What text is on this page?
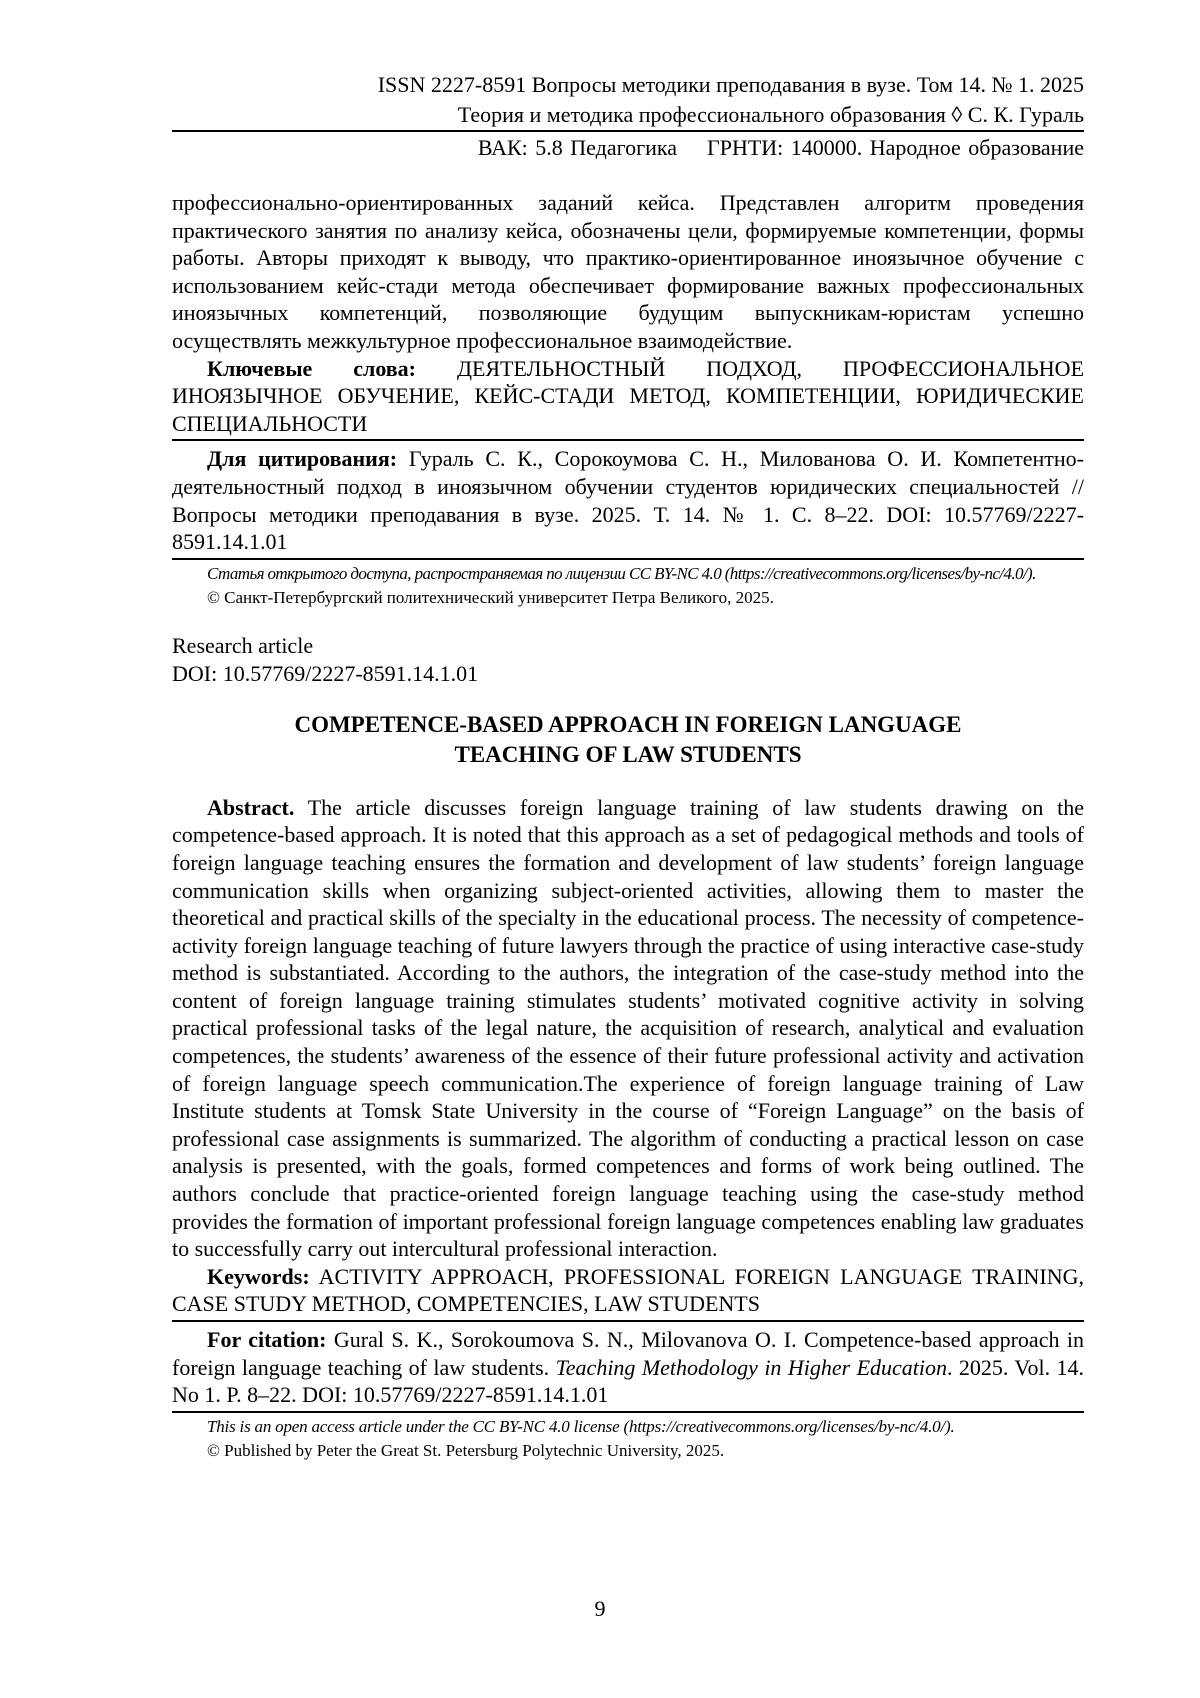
ISSN 2227-8591 Вопросы методики преподавания в вузе. Том 14. № 1. 2025
Теория и методика профессионального образования ◊ С. К. Гураль
ВАК: 5.8 Педагогика    ГРНТИ: 140000. Народное образование

профессионально-ориентированных заданий кейса. Представлен алгоритм проведения практического занятия по анализу кейса, обозначены цели, формируемые компетенции, формы работы. Авторы приходят к выводу, что практико-ориентированное иноязычное обучение с использованием кейс-стади метода обеспечивает формирование важных профессиональных иноязычных компетенций, позволяющие будущим выпускникам-юристам успешно осуществлять межкультурное профессиональное взаимодействие.

Ключевые слова: ДЕЯТЕЛЬНОСТНЫЙ ПОДХОД, ПРОФЕССИОНАЛЬНОЕ ИНОЯЗЫЧНОЕ ОБУЧЕНИЕ, КЕЙС-СТАДИ МЕТОД, КОМПЕТЕНЦИИ, ЮРИДИЧЕСКИЕ СПЕЦИАЛЬНОСТИ

Для цитирования: Гураль С. К., Сорокоумова С. Н., Милованова О. И. Компетентно-деятельностный подход в иноязычном обучении студентов юридических специальностей // Вопросы методики преподавания в вузе. 2025. Т. 14. № 1. С. 8–22. DOI: 10.57769/2227-8591.14.1.01

Статья открытого доступа, распространяемая по лицензии CC BY-NC 4.0 (https://creativecommons.org/licenses/by-nc/4.0/).

© Санкт-Петербургский политехнический университет Петра Великого, 2025.

Research article

DOI: 10.57769/2227-8591.14.1.01

COMPETENCE-BASED APPROACH IN FOREIGN LANGUAGE

TEACHING OF LAW STUDENTS

Abstract. The article discusses foreign language training of law students drawing on the competence-based approach. It is noted that this approach as a set of pedagogical methods and tools of foreign language teaching ensures the formation and development of law students’ foreign language communication skills when organizing subject-oriented activities, allowing them to master the theoretical and practical skills of the specialty in the educational process. The necessity of competence-activity foreign language teaching of future lawyers through the practice of using interactive case-study method is substantiated. According to the authors, the integration of the case-study method into the content of foreign language training stimulates students’ motivated cognitive activity in solving practical professional tasks of the legal nature, the acquisition of research, analytical and evaluation competences, the students’ awareness of the essence of their future professional activity and activation of foreign language speech communication.The experience of foreign language training of Law Institute students at Tomsk State University in the course of “Foreign Language” on the basis of professional case assignments is summarized. The algorithm of conducting a practical lesson on case analysis is presented, with the goals, formed competences and forms of work being outlined. The authors conclude that practice-oriented foreign language teaching using the case-study method provides the formation of important professional foreign language competences enabling law graduates to successfully carry out intercultural professional interaction.

Keywords: ACTIVITY APPROACH, PROFESSIONAL FOREIGN LANGUAGE TRAINING, CASE STUDY METHOD, COMPETENCIES, LAW STUDENTS

For citation: Gural S. K., Sorokoumova S. N., Milovanova O. I. Competence-based approach in foreign language teaching of law students. Teaching Methodology in Higher Education. 2025. Vol. 14. No 1. P. 8–22. DOI: 10.57769/2227-8591.14.1.01

This is an open access article under the CC BY-NC 4.0 license (https://creativecommons.org/licenses/by-nc/4.0/).

© Published by Peter the Great St. Petersburg Polytechnic University, 2025.

9
